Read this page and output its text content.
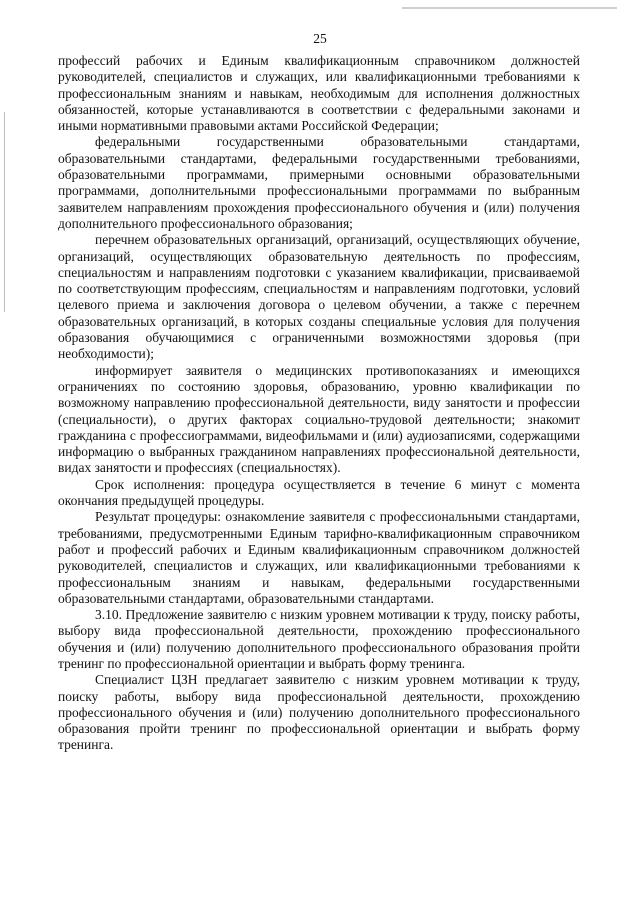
25

профессий рабочих и Единым квалификационным справочником должностей руководителей, специалистов и служащих, или квалификационными требованиями к профессиональным знаниям и навыкам, необходимым для исполнения должностных обязанностей, которые устанавливаются в соответствии с федеральными законами и иными нормативными правовыми актами Российской Федерации;

федеральными государственными образовательными стандартами, образовательными стандартами, федеральными государственными требованиями, образовательными программами, примерными основными образовательными программами, дополнительными профессиональными программами по выбранным заявителем направлениям прохождения профессионального обучения и (или) получения дополнительного профессионального образования;

перечнем образовательных организаций, организаций, осуществляющих обучение, организаций, осуществляющих образовательную деятельность по профессиям, специальностям и направлениям подготовки с указанием квалификации, присваиваемой по соответствующим профессиям, специальностям и направлениям подготовки, условий целевого приема и заключения договора о целевом обучении, а также с перечнем образовательных организаций, в которых созданы специальные условия для получения образования обучающимися с ограниченными возможностями здоровья (при необходимости);

информирует заявителя о медицинских противопоказаниях и имеющихся ограничениях по состоянию здоровья, образованию, уровню квалификации по возможному направлению профессиональной деятельности, виду занятости и профессии (специальности), о других факторах социально-трудовой деятельности; знакомит гражданина с профессиограммами, видеофильмами и (или) аудиозаписями, содержащими информацию о выбранных гражданином направлениях профессиональной деятельности, видах занятости и профессиях (специальностях).

Срок исполнения: процедура осуществляется в течение 6 минут с момента окончания предыдущей процедуры.

Результат процедуры: ознакомление заявителя с профессиональными стандартами, требованиями, предусмотренными Единым тарифно-квалификационным справочником работ и профессий рабочих и Единым квалификационным справочником должностей руководителей, специалистов и служащих, или квалификационными требованиями к профессиональным знаниям и навыкам, федеральными государственными образовательными стандартами, образовательными стандартами.

3.10. Предложение заявителю с низким уровнем мотивации к труду, поиску работы, выбору вида профессиональной деятельности, прохождению профессионального обучения и (или) получению дополнительного профессионального образования пройти тренинг по профессиональной ориентации и выбрать форму тренинга.

Специалист ЦЗН предлагает заявителю с низким уровнем мотивации к труду, поиску работы, выбору вида профессиональной деятельности, прохождению профессионального обучения и (или) получению дополнительного профессионального образования пройти тренинг по профессиональной ориентации и выбрать форму тренинга.
